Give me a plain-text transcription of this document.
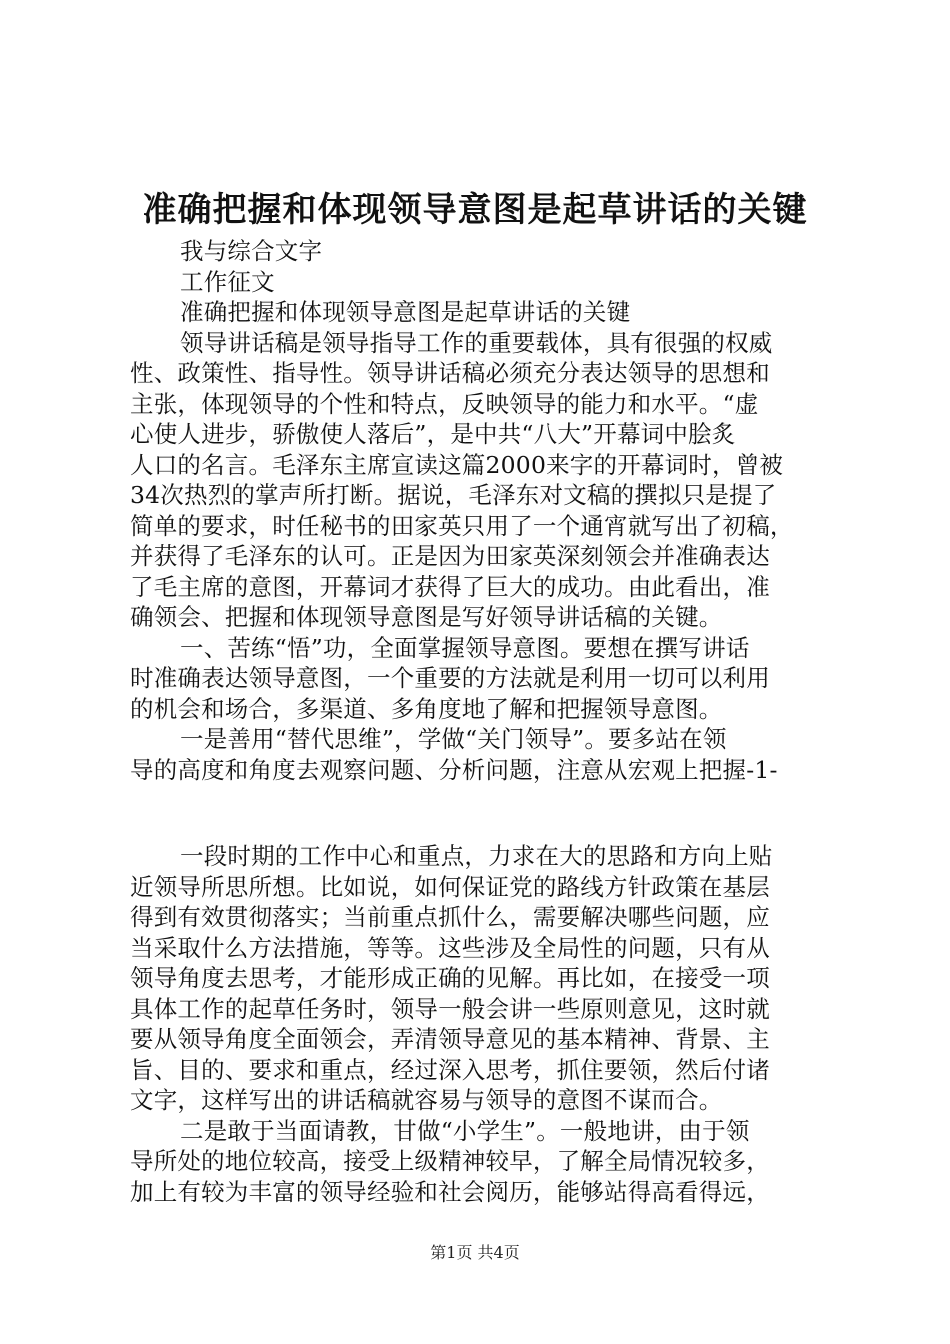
准确把握和体现领导意图是起草讲话的关键
我与综合文字
工作征文
准确把握和体现领导意图是起草讲话的关键
领导讲话稿是领导指导工作的重要载体，具有很强的权威
性、政策性、指导性。领导讲话稿必须充分表达领导的思想和
主张，体现领导的个性和特点，反映领导的能力和水平。“虚
心使人进步，骄傲使人落后”，是中共“八大”开幕词中脍炙
人口的名言。毛泽东主席宣读这篇2000来字的开幕词时，曾被
34次热烈的掌声所打断。据说，毛泽东对文稿的撰拟只是提了
简单的要求，时任秘书的田家英只用了一个通宵就写出了初稿，
并获得了毛泽东的认可。正是因为田家英深刻领会并准确表达
了毛主席的意图，开幕词才获得了巨大的成功。由此看出，准
确领会、把握和体现领导意图是写好领导讲话稿的关键。
一、苦练“悟”功，全面掌握领导意图。要想在撰写讲话
时准确表达领导意图，一个重要的方法就是利用一切可以利用
的机会和场合，多渠道、多角度地了解和把握领导意图。
一是善用“替代思维”，学做“关门领导”。要多站在领
导的高度和角度去观察问题、分析问题，注意从宏观上把握-1-
一段时期的工作中心和重点，力求在大的思路和方向上贴
近领导所思所想。比如说，如何保证党的路线方针政策在基层
得到有效贯彻落实；当前重点抓什么，需要解决哪些问题，应
当采取什么方法措施，等等。这些涉及全局性的问题，只有从
领导角度去思考，才能形成正确的见解。再比如，在接受一项
具体工作的起草任务时，领导一般会讲一些原则意见，这时就
要从领导角度全面领会，弄清领导意见的基本精神、背景、主
旨、目的、要求和重点，经过深入思考，抓住要领，然后付诸
文字，这样写出的讲话稿就容易与领导的意图不谋而合。
二是敢于当面请教，甘做“小学生”。一般地讲，由于领
导所处的地位较高，接受上级精神较早，了解全局情况较多，
加上有较为丰富的领导经验和社会阅历，能够站得高看得远，
第1页 共4页
